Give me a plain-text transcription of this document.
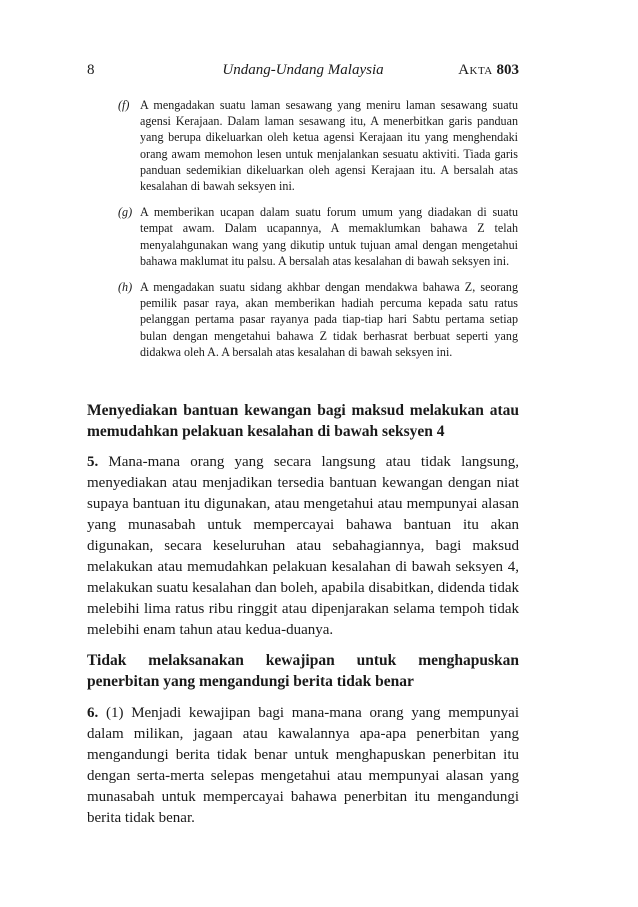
8	Undang-Undang Malaysia	Akta 803
(f) A mengadakan suatu laman sesawang yang meniru laman sesawang suatu agensi Kerajaan. Dalam laman sesawang itu, A menerbitkan garis panduan yang berupa dikeluarkan oleh ketua agensi Kerajaan itu yang menghendaki orang awam memohon lesen untuk menjalankan sesuatu aktiviti. Tiada garis panduan sedemikian dikeluarkan oleh agensi Kerajaan itu. A bersalah atas kesalahan di bawah seksyen ini.

(g) A memberikan ucapan dalam suatu forum umum yang diadakan di suatu tempat awam. Dalam ucapannya, A memaklumkan bahawa Z telah menyalahgunakan wang yang dikutip untuk tujuan amal dengan mengetahui bahawa maklumat itu palsu. A bersalah atas kesalahan di bawah seksyen ini.

(h) A mengadakan suatu sidang akhbar dengan mendakwa bahawa Z, seorang pemilik pasar raya, akan memberikan hadiah percuma kepada satu ratus pelanggan pertama pasar rayanya pada tiap-tiap hari Sabtu pertama setiap bulan dengan mengetahui bahawa Z tidak berhasrat berbuat seperti yang didakwa oleh A. A bersalah atas kesalahan di bawah seksyen ini.

Menyediakan bantuan kewangan bagi maksud melakukan atau memudahkan pelakuan kesalahan di bawah seksyen 4

5. Mana-mana orang yang secara langsung atau tidak langsung, menyediakan atau menjadikan tersedia bantuan kewangan dengan niat supaya bantuan itu digunakan, atau mengetahui atau mempunyai alasan yang munasabah untuk mempercayai bahawa bantuan itu akan digunakan, secara keseluruhan atau sebahagiannya, bagi maksud melakukan atau memudahkan pelakuan kesalahan di bawah seksyen 4, melakukan suatu kesalahan dan boleh, apabila disabitkan, didenda tidak melebihi lima ratus ribu ringgit atau dipenjarakan selama tempoh tidak melebihi enam tahun atau kedua-duanya.

Tidak melaksanakan kewajipan untuk menghapuskan penerbitan yang mengandungi berita tidak benar

6. (1) Menjadi kewajipan bagi mana-mana orang yang mempunyai dalam milikan, jagaan atau kawalannya apa-apa penerbitan yang mengandungi berita tidak benar untuk menghapuskan penerbitan itu dengan serta-merta selepas mengetahui atau mempunyai alasan yang munasabah untuk mempercayai bahawa penerbitan itu mengandungi berita tidak benar.
